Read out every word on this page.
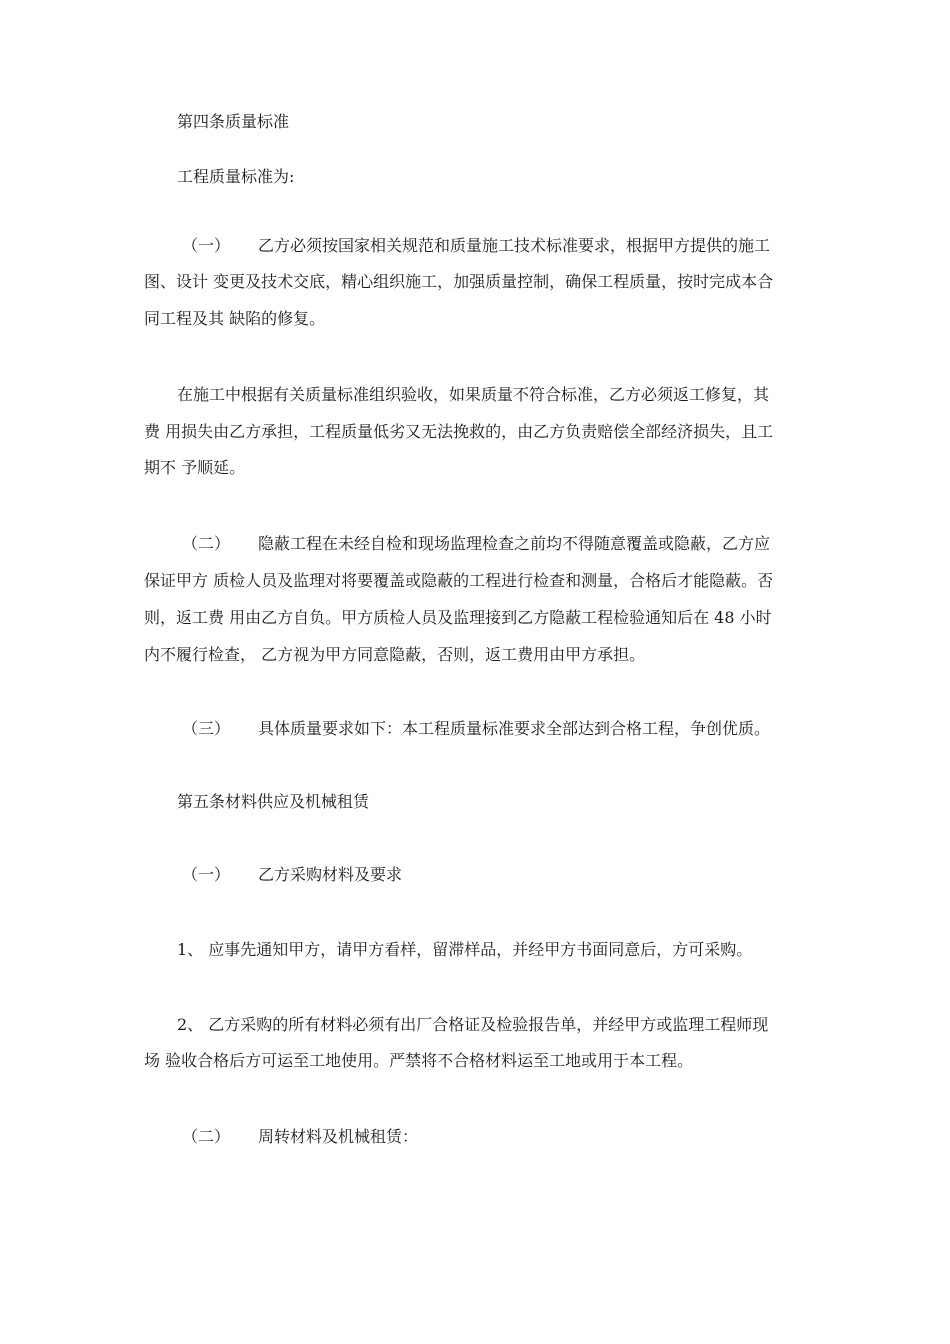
第四条质量标准
工程质量标准为:
（一） 乙方必须按国家相关规范和质量施工技术标准要求，根据甲方提供的施工
图、设计 变更及技术交底，精心组织施工，加强质量控制，确保工程质量，按时完成本合
同工程及其 缺陷的修复。
在施工中根据有关质量标准组织验收，如果质量不符合标准，乙方必须返工修复，其
费 用损失由乙方承担，工程质量低劣又无法挽救的，由乙方负责赔偿全部经济损失，且工
期不 予顺延。
（二） 隐蔽工程在未经自检和现场监理检查之前均不得随意覆盖或隐蔽，乙方应
保证甲方 质检人员及监理对将要覆盖或隐蔽的工程进行检查和测量，合格后才能隐蔽。否
则，返工费 用由乙方自负。甲方质检人员及监理接到乙方隐蔽工程检验通知后在 48 小时
内不履行检查， 乙方视为甲方同意隐蔽，否则，返工费用由甲方承担。
（三） 具体质量要求如下：本工程质量标准要求全部达到合格工程，争创优质。
第五条材料供应及机械租赁
（一） 乙方采购材料及要求
1、 应事先通知甲方，请甲方看样，留滞样品，并经甲方书面同意后，方可采购。
2、 乙方采购的所有材料必须有出厂合格证及检验报告单，并经甲方或监理工程师现
场 验收合格后方可运至工地使用。严禁将不合格材料运至工地或用于本工程。
（二） 周转材料及机械租赁：
